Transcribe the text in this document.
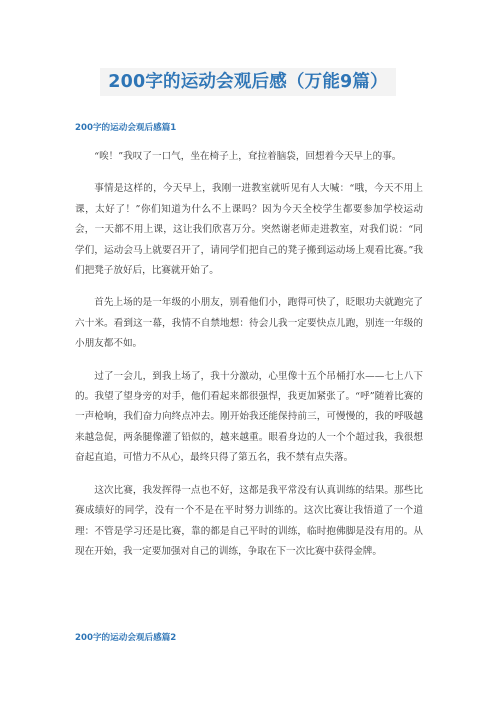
200字的运动会观后感（万能9篇）
200字的运动会观后感篇1

“唉！”我叹了一口气，坐在椅子上，耷拉着脑袋，回想着今天早上的事。

事情是这样的，今天早上，我刚一进教室就听见有人大喊：“哦，今天不用上课，太好了！”你们知道为什么不上课吗？因为今天全校学生都要参加学校运动会，一天都不用上课，这让我们欣喜万分。突然谢老师走进教室，对我们说：“同学们，运动会马上就要召开了，请同学们把自己的凳子搬到运动场上观看比赛。”我们把凳子放好后，比赛就开始了。

首先上场的是一年级的小朋友，别看他们小，跑得可快了，眨眼功夫就跑完了六十米。看到这一幕，我情不自禁地想：待会儿我一定要快点儿跑，别连一年级的小朋友都不如。

过了一会儿，到我上场了，我十分激动，心里像十五个吊桶打水——七上八下的。我望了望身旁的对手，他们看起来都很强悍，我更加紧张了。“呼”随着比赛的一声枪响，我们奋力向终点冲去。刚开始我还能保持前三，可慢慢的，我的呼吸越来越急促，两条腿像灌了铅似的，越来越重。眼看身边的人一个个超过我，我很想奋起直追，可惜力不从心，最终只得了第五名，我不禁有点失落。

这次比赛，我发挥得一点也不好，这都是我平常没有认真训练的结果。那些比赛成绩好的同学，没有一个不是在平时努力训练的。这次比赛让我悟道了一个道理：不管是学习还是比赛，靠的都是自己平时的训练，临时抱佛脚是没有用的。从现在开始，我一定要加强对自己的训练，争取在下一次比赛中获得金牌。

200字的运动会观后感篇2
